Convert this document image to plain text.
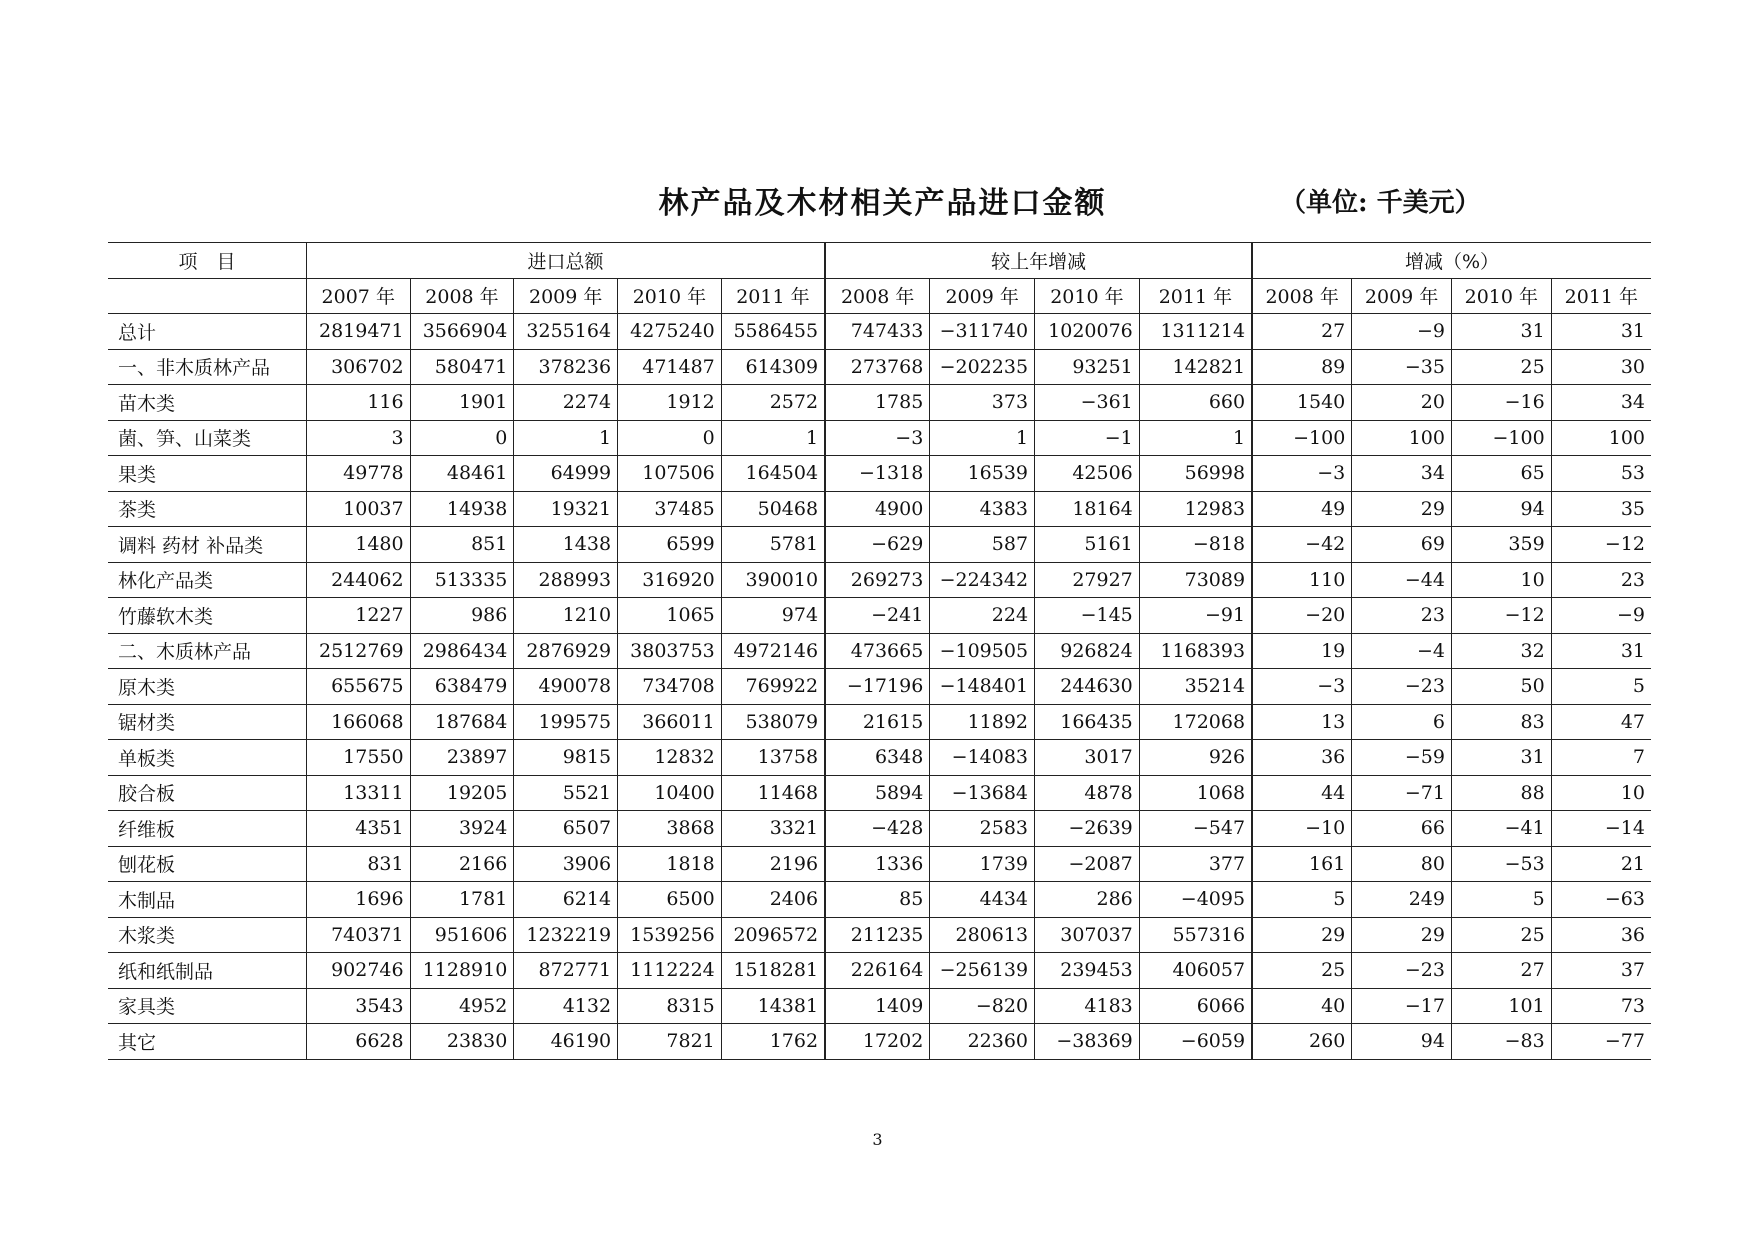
林产品及木材相关产品进口金额	（单位: 千美元）
项　目	进口总额					较上年增减				增减（%）			
	2007 年	2008 年	2009 年	2010 年	2011 年	2008 年	2009 年	2010 年	2011 年	2008 年	2009 年	2010 年	2011 年
总计	2819471	3566904	3255164	4275240	5586455	747433	−311740	1020076	1311214	27	−9	31	31
一、非木质林产品	306702	580471	378236	471487	614309	273768	−202235	93251	142821	89	−35	25	30
苗木类	116	1901	2274	1912	2572	1785	373	−361	660	1540	20	−16	34
菌、笋、山菜类	3	0	1	0	1	−3	1	−1	1	−100	100	−100	100
果类	49778	48461	64999	107506	164504	−1318	16539	42506	56998	−3	34	65	53
茶类	10037	14938	19321	37485	50468	4900	4383	18164	12983	49	29	94	35
调料 药材 补品类	1480	851	1438	6599	5781	−629	587	5161	−818	−42	69	359	−12
林化产品类	244062	513335	288993	316920	390010	269273	−224342	27927	73089	110	−44	10	23
竹藤软木类	1227	986	1210	1065	974	−241	224	−145	−91	−20	23	−12	−9
二、木质林产品	2512769	2986434	2876929	3803753	4972146	473665	−109505	926824	1168393	19	−4	32	31
原木类	655675	638479	490078	734708	769922	−17196	−148401	244630	35214	−3	−23	50	5
锯材类	166068	187684	199575	366011	538079	21615	11892	166435	172068	13	6	83	47
单板类	17550	23897	9815	12832	13758	6348	−14083	3017	926	36	−59	31	7
胶合板	13311	19205	5521	10400	11468	5894	−13684	4878	1068	44	−71	88	10
纤维板	4351	3924	6507	3868	3321	−428	2583	−2639	−547	−10	66	−41	−14
刨花板	831	2166	3906	1818	2196	1336	1739	−2087	377	161	80	−53	21
木制品	1696	1781	6214	6500	2406	85	4434	286	−4095	5	249	5	−63
木浆类	740371	951606	1232219	1539256	2096572	211235	280613	307037	557316	29	29	25	36
纸和纸制品	902746	1128910	872771	1112224	1518281	226164	−256139	239453	406057	25	−23	27	37
家具类	3543	4952	4132	8315	14381	1409	−820	4183	6066	40	−17	101	73
其它	6628	23830	46190	7821	1762	17202	22360	−38369	−6059	260	94	−83	−77
3
